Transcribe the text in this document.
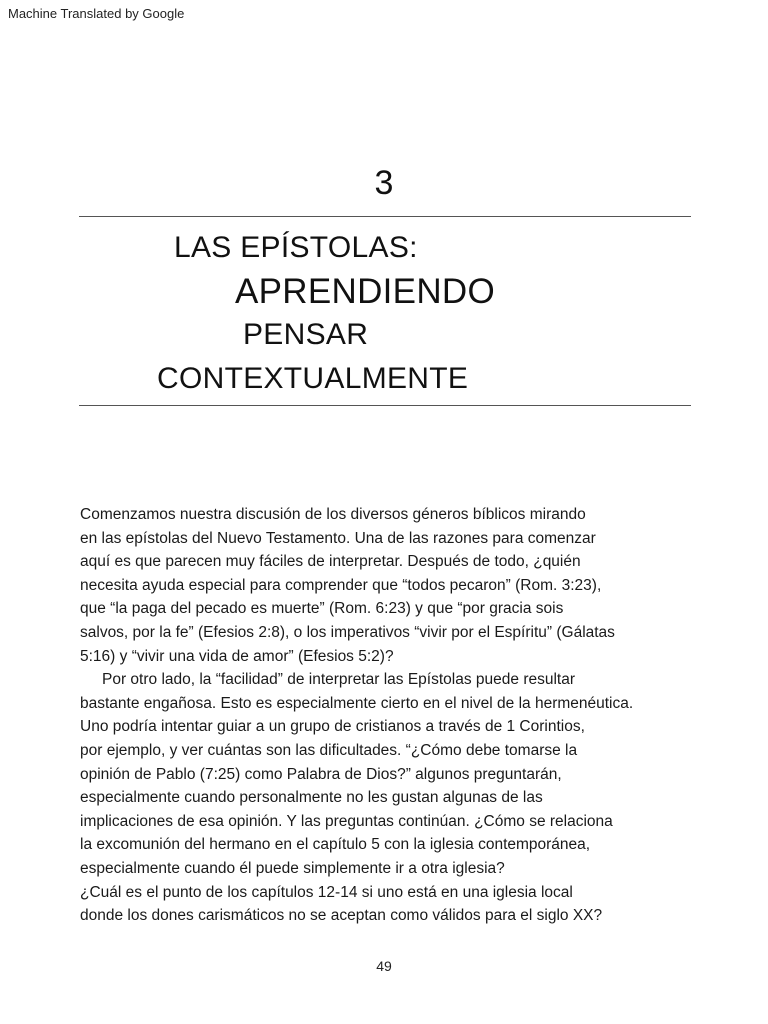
Machine Translated by Google
3
LAS EPÍSTOLAS:
APRENDIENDO
PENSAR
CONTEXTUALMENTE
Comenzamos nuestra discusión de los diversos géneros bíblicos mirando
en las epístolas del Nuevo Testamento. Una de las razones para comenzar
aquí es que parecen muy fáciles de interpretar. Después de todo, ¿quién
necesita ayuda especial para comprender que “todos pecaron” (Rom. 3:23),
que “la paga del pecado es muerte” (Rom. 6:23) y que “por gracia sois
salvos, por la fe” (Efesios 2:8), o los imperativos “vivir por el Espíritu” (Gálatas
5:16) y “vivir una vida de amor” (Efesios 5:2)?
Por otro lado, la “facilidad” de interpretar las Epístolas puede resultar
bastante engañosa. Esto es especialmente cierto en el nivel de la hermenéutica.
Uno podría intentar guiar a un grupo de cristianos a través de 1 Corintios,
por ejemplo, y ver cuántas son las dificultades. “¿Cómo debe tomarse la
opinión de Pablo (7:25) como Palabra de Dios?” algunos preguntarán,
especialmente cuando personalmente no les gustan algunas de las
implicaciones de esa opinión. Y las preguntas continúan. ¿Cómo se relaciona
la excomunión del hermano en el capítulo 5 con la iglesia contemporánea,
especialmente cuando él puede simplemente ir a otra iglesia?
¿Cuál es el punto de los capítulos 12-14 si uno está en una iglesia local
donde los dones carismáticos no se aceptan como válidos para el siglo XX?
49
